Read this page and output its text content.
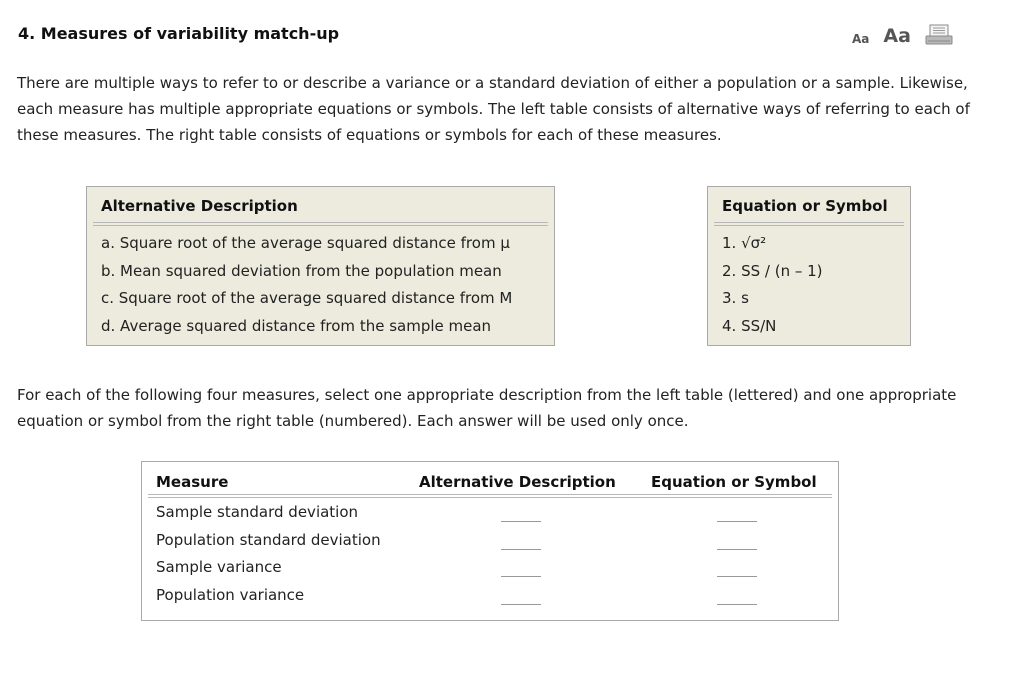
4. Measures of variability match-up	Aa Aa
There are multiple ways to refer to or describe a variance or a standard deviation of either a population or a sample. Likewise, each measure has multiple appropriate equations or symbols. The left table consists of alternative ways of referring to each of these measures. The right table consists of equations or symbols for each of these measures.
Alternative Description
a. Square root of the average squared distance from μ
b. Mean squared deviation from the population mean
c. Square root of the average squared distance from M
d. Average squared distance from the sample mean
Equation or Symbol
1. √σ²
2. SS / (n – 1)
3. s
4. SS/N
For each of the following four measures, select one appropriate description from the left table (lettered) and one appropriate equation or symbol from the right table (numbered). Each answer will be used only once.
Measure	Alternative Description Equation or Symbol
Sample standard deviation
Population standard deviation
Sample variance
Population variance
